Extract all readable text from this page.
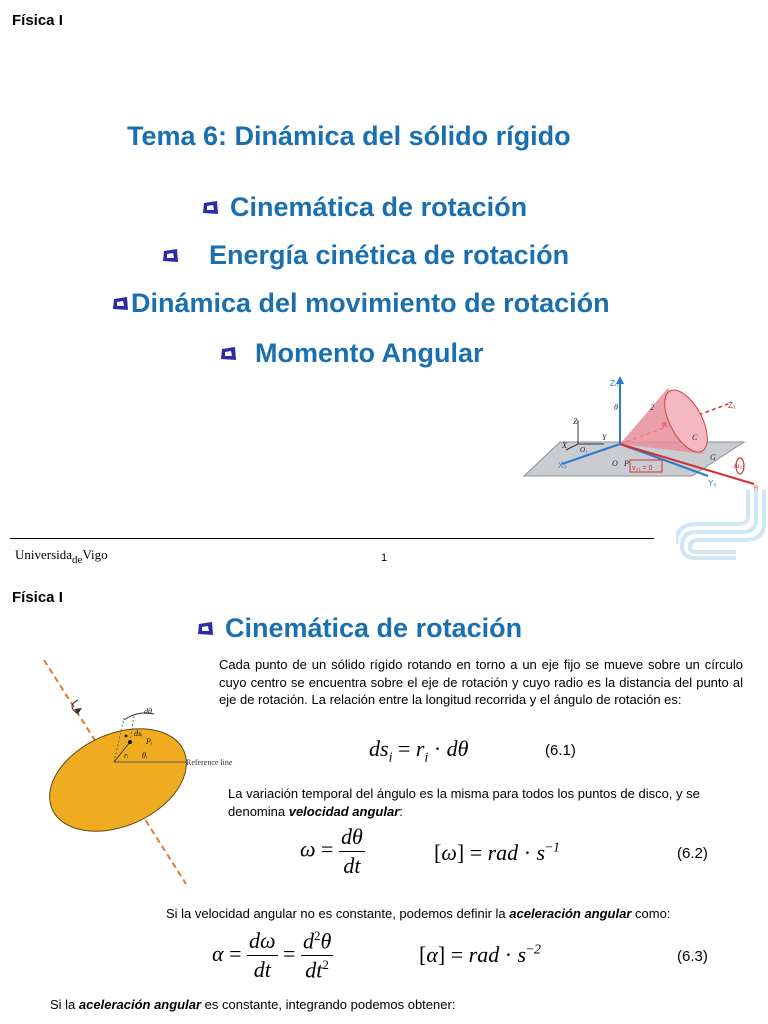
Física I
Tema 6: Dinámica del sólido rígido
Cinemática de rotación
Energía cinética de rotación
Dinámica del movimiento de rotación
Momento Angular
Z₀
Z₁
Z
X
Y
O₁
O P
C
G
X₀
Y₀
φ
2
θ
v₂₁ = 0	ω₂₁
R
Universida$_{de}$Vigo	1
Física I
Cinemática de rotación
dθ
dsᵢ
Pᵢ
rᵢ θᵢ
Reference line
Cada punto de un sólido rígido rotando en torno a un eje fijo se mueve sobre un círculo cuyo centro se encuentra sobre el eje de rotación y cuyo radio es la distancia del punto al eje de rotación. La relación entre la longitud recorrida y el ángulo de rotación es:
$ds_i = r_i \cdot d\theta$	(6.1)
La variación temporal del ángulo es la misma para todos los puntos de disco, y se denomina velocidad angular:
$\omega = \frac{d\theta}{dt}$	[ω] = rad · $s^{-1}$	(6.2)
Si la velocidad angular no es constante, podemos definir la aceleración angular como:
$\alpha = \frac{d\omega}{dt} = \frac{d^2\theta}{dt^2}$	[α] = rad · $s^{-2}$	(6.3)
Si la aceleración angular es constante, integrando podemos obtener:
